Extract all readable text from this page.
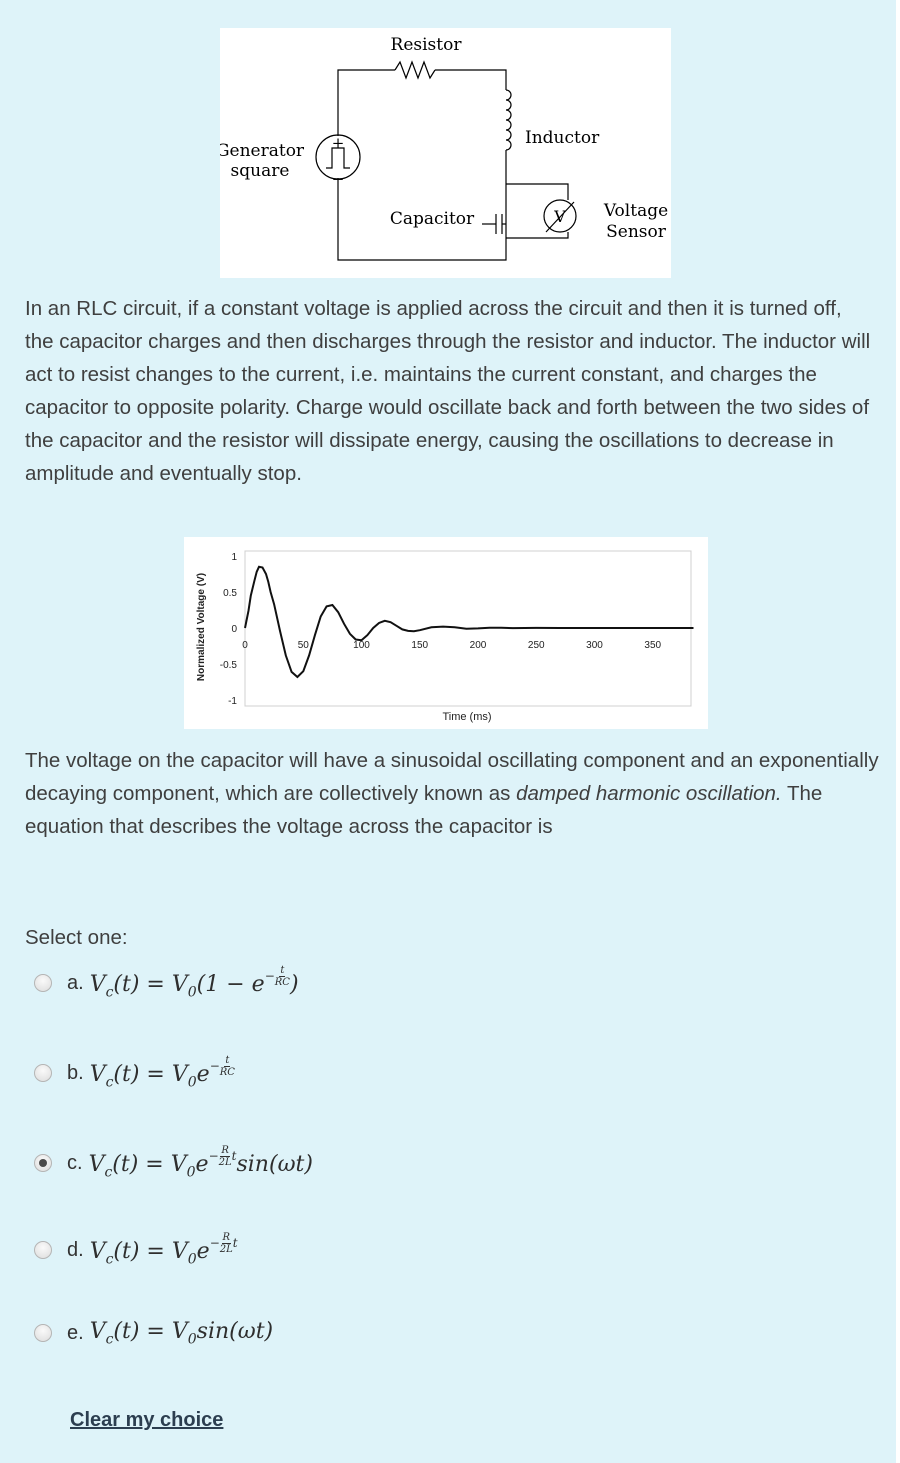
Resistor
Inductor
Generator
square
Capacitor	V Voltage
Sensor
+
−

In an RLC circuit, if a constant voltage is applied across the circuit and then it is turned off, the capacitor charges and then discharges through the resistor and inductor. The inductor will act to resist changes to the current, i.e. maintains the current constant, and charges the capacitor to opposite polarity. Charge would oscillate back and forth between the two sides of the capacitor and the resistor will dissipate energy, causing the oscillations to decrease in amplitude and eventually stop.

1
0.5
0
-0.5
-1
0	50	100	150	200	250	300	350
Time (ms)
Normalized Voltage (V)

The voltage on the capacitor will have a sinusoidal oscillating component and an exponentially decaying component, which are collectively known as damped harmonic oscillation. The equation that describes the voltage across the capacitor is

Select one:
a. $V_c(t) = V_0(1 - e- \frac{t}{RC}$ )
b. $V_c(t) = V_0e- \frac{t}{RC}$
c. $V_c(t) = V_0e- \frac{R}{2L} tsin(\omega t)$
d. $V_c(t) = V_0e- \frac{R}{2L}$ t
e. $V_c(t) = V_0\sin(\omega t)$
Clear my choice
